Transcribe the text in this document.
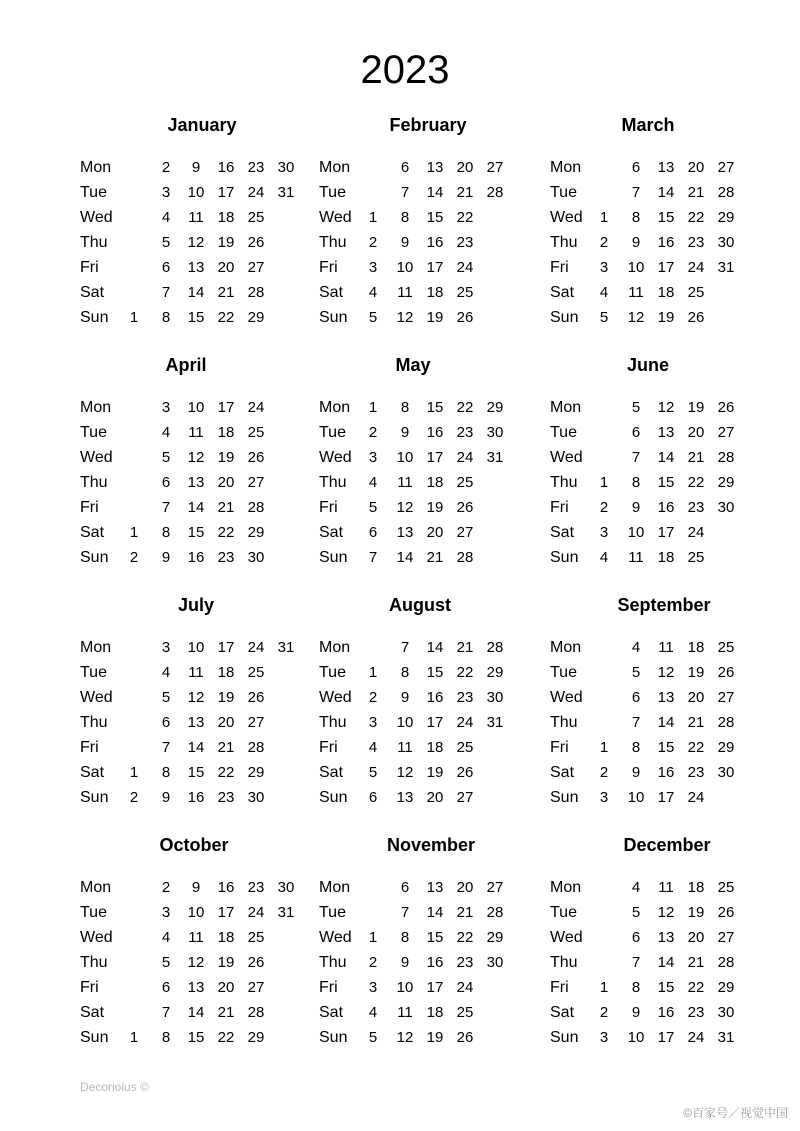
2023
January
Mon	2	9	16 23 30
Tue	3	10 17 24 31
Wed	4	11 18 25
Thu	5	12 19 26
Fri	6	13 20 27
Sat	7	14 21 28
Sun	1	8	15 22 29
February
Mon	6	13 20 27
Tue	7	14 21 28
Wed	1	8	15 22
Thu	2	9	16 23
Fri	3	10 17 24
Sat	4	11 18 25
Sun	5	12 19 26
March
Mon	6	13 20 27
Tue	7	14 21 28
Wed	1	8	15 22 29
Thu	2	9	16 23 30
Fri	3	10 17 24 31
Sat	4	11 18 25
Sun	5	12 19 26
April
Mon	3	10 17 24
Tue	4	11 18 25
Wed	5	12 19 26
Thu	6	13 20 27
Fri	7	14 21 28
Sat	1	8	15 22 29
Sun	2	9	16 23 30
May
Mon	1	8	15 22 29
Tue	2	9	16 23 30
Wed	3	10 17 24 31
Thu	4	11 18 25
Fri	5	12 19 26
Sat	6	13 20 27
Sun	7	14 21 28
June
Mon	5	12 19 26
Tue	6	13 20 27
Wed	7	14 21 28
Thu	1	8	15 22 29
Fri	2	9	16 23 30
Sat	3	10 17 24
Sun	4	11 18 25
July
Mon	3	10 17 24 31
Tue	4	11 18 25
Wed	5	12 19 26
Thu	6	13 20 27
Fri	7	14 21 28
Sat	1	8	15 22 29
Sun	2	9	16 23 30
August
Mon	7	14 21 28
Tue	1	8	15 22 29
Wed	2	9	16 23 30
Thu	3	10 17 24 31
Fri	4	11 18 25
Sat	5	12 19 26
Sun	6	13 20 27
September
Mon	4	11 18 25
Tue	5	12 19 26
Wed	6	13 20 27
Thu	7	14 21 28
Fri	1	8	15 22 29
Sat	2	9	16 23 30
Sun	3	10 17 24
October
Mon	2	9	16 23 30
Tue	3	10 17 24 31
Wed	4	11 18 25
Thu	5	12 19 26
Fri	6	13 20 27
Sat	7	14 21 28
Sun	1	8	15 22 29
November
Mon	6	13 20 27
Tue	7	14 21 28
Wed	1	8	15 22 29
Thu	2	9	16 23 30
Fri	3	10 17 24
Sat	4	11 18 25
Sun	5	12 19 26
December
Mon	4	11 18 25
Tue	5	12 19 26
Wed	6	13 20 27
Thu	7	14 21 28
Fri	1	8	15 22 29
Sat	2	9	16 23 30
Sun	3	10 17 24 31
Decoriolus ©
©百家号／视觉中国
